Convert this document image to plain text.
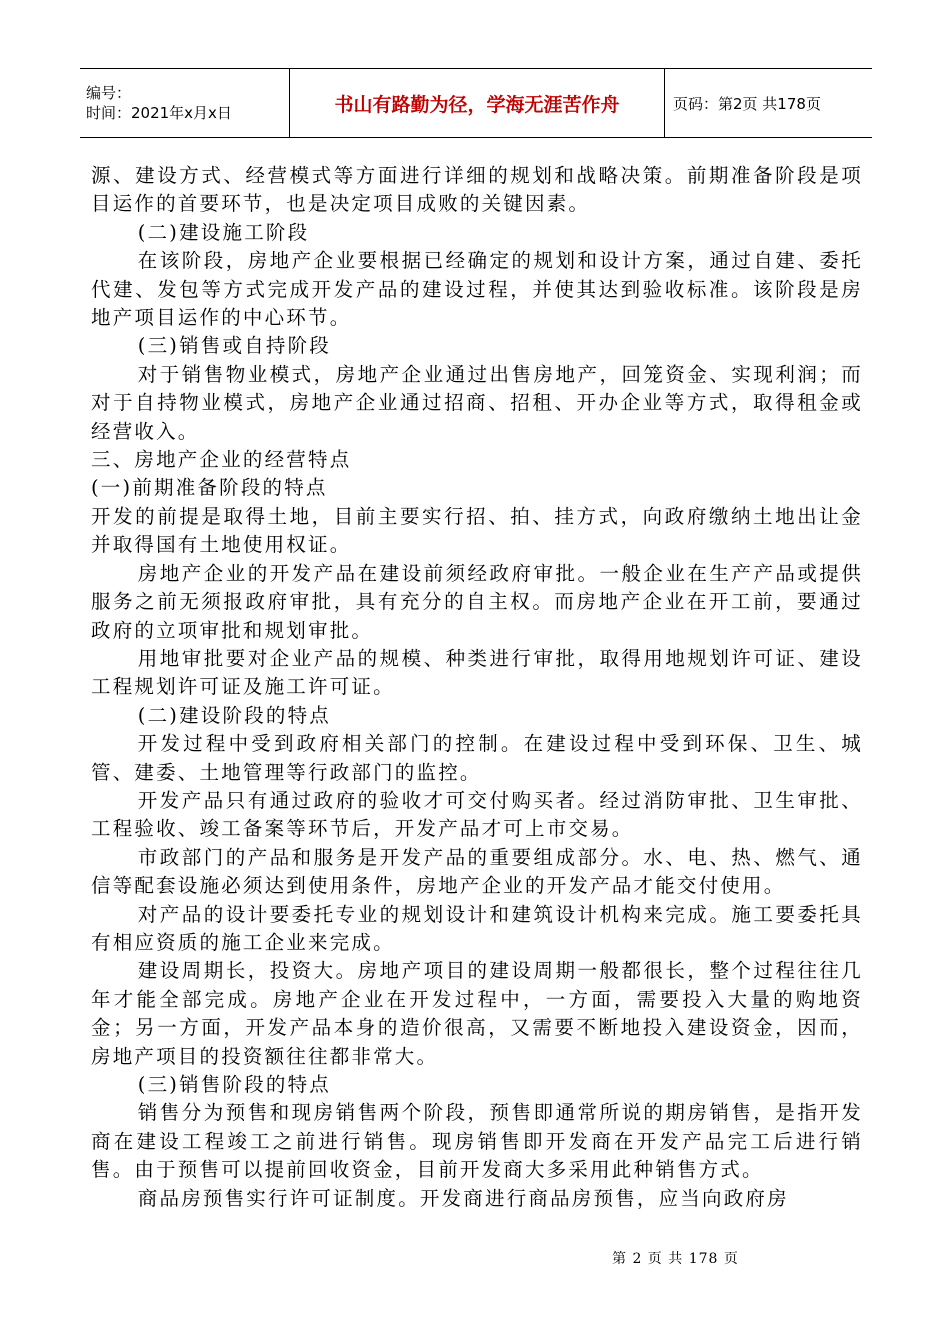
编号：
时间：2021年x月x日	书山有路勤为径，学海无涯苦作舟	页码：第2页 共178页

源、建设方式、经营模式等方面进行详细的规划和战略决策。前期准备阶段是项目运作的首要环节，也是决定项目成败的关键因素。

(二)建设施工阶段

在该阶段，房地产企业要根据已经确定的规划和设计方案，通过自建、委托代建、发包等方式完成开发产品的建设过程，并使其达到验收标准。该阶段是房地产项目运作的中心环节。

(三)销售或自持阶段

对于销售物业模式，房地产企业通过出售房地产，回笼资金、实现利润；而对于自持物业模式，房地产企业通过招商、招租、开办企业等方式，取得租金或经营收入。

三、房地产企业的经营特点

(一)前期准备阶段的特点

开发的前提是取得土地，目前主要实行招、拍、挂方式，向政府缴纳土地出让金并取得国有土地使用权证。

房地产企业的开发产品在建设前须经政府审批。一般企业在生产产品或提供服务之前无须报政府审批，具有充分的自主权。而房地产企业在开工前，要通过政府的立项审批和规划审批。

用地审批要对企业产品的规模、种类进行审批，取得用地规划许可证、建设工程规划许可证及施工许可证。

(二)建设阶段的特点

开发过程中受到政府相关部门的控制。在建设过程中受到环保、卫生、城管、建委、土地管理等行政部门的监控。

开发产品只有通过政府的验收才可交付购买者。经过消防审批、卫生审批、工程验收、竣工备案等环节后，开发产品才可上市交易。

市政部门的产品和服务是开发产品的重要组成部分。水、电、热、燃气、通信等配套设施必须达到使用条件，房地产企业的开发产品才能交付使用。

对产品的设计要委托专业的规划设计和建筑设计机构来完成。施工要委托具有相应资质的施工企业来完成。

建设周期长，投资大。房地产项目的建设周期一般都很长，整个过程往往几年才能全部完成。房地产企业在开发过程中，一方面，需要投入大量的购地资金；另一方面，开发产品本身的造价很高，又需要不断地投入建设资金，因而，房地产项目的投资额往往都非常大。

(三)销售阶段的特点

销售分为预售和现房销售两个阶段，预售即通常所说的期房销售，是指开发商在建设工程竣工之前进行销售。现房销售即开发商在开发产品完工后进行销售。由于预售可以提前回收资金，目前开发商大多采用此种销售方式。

商品房预售实行许可证制度。开发商进行商品房预售，应当向政府房

第 2 页 共 178 页
